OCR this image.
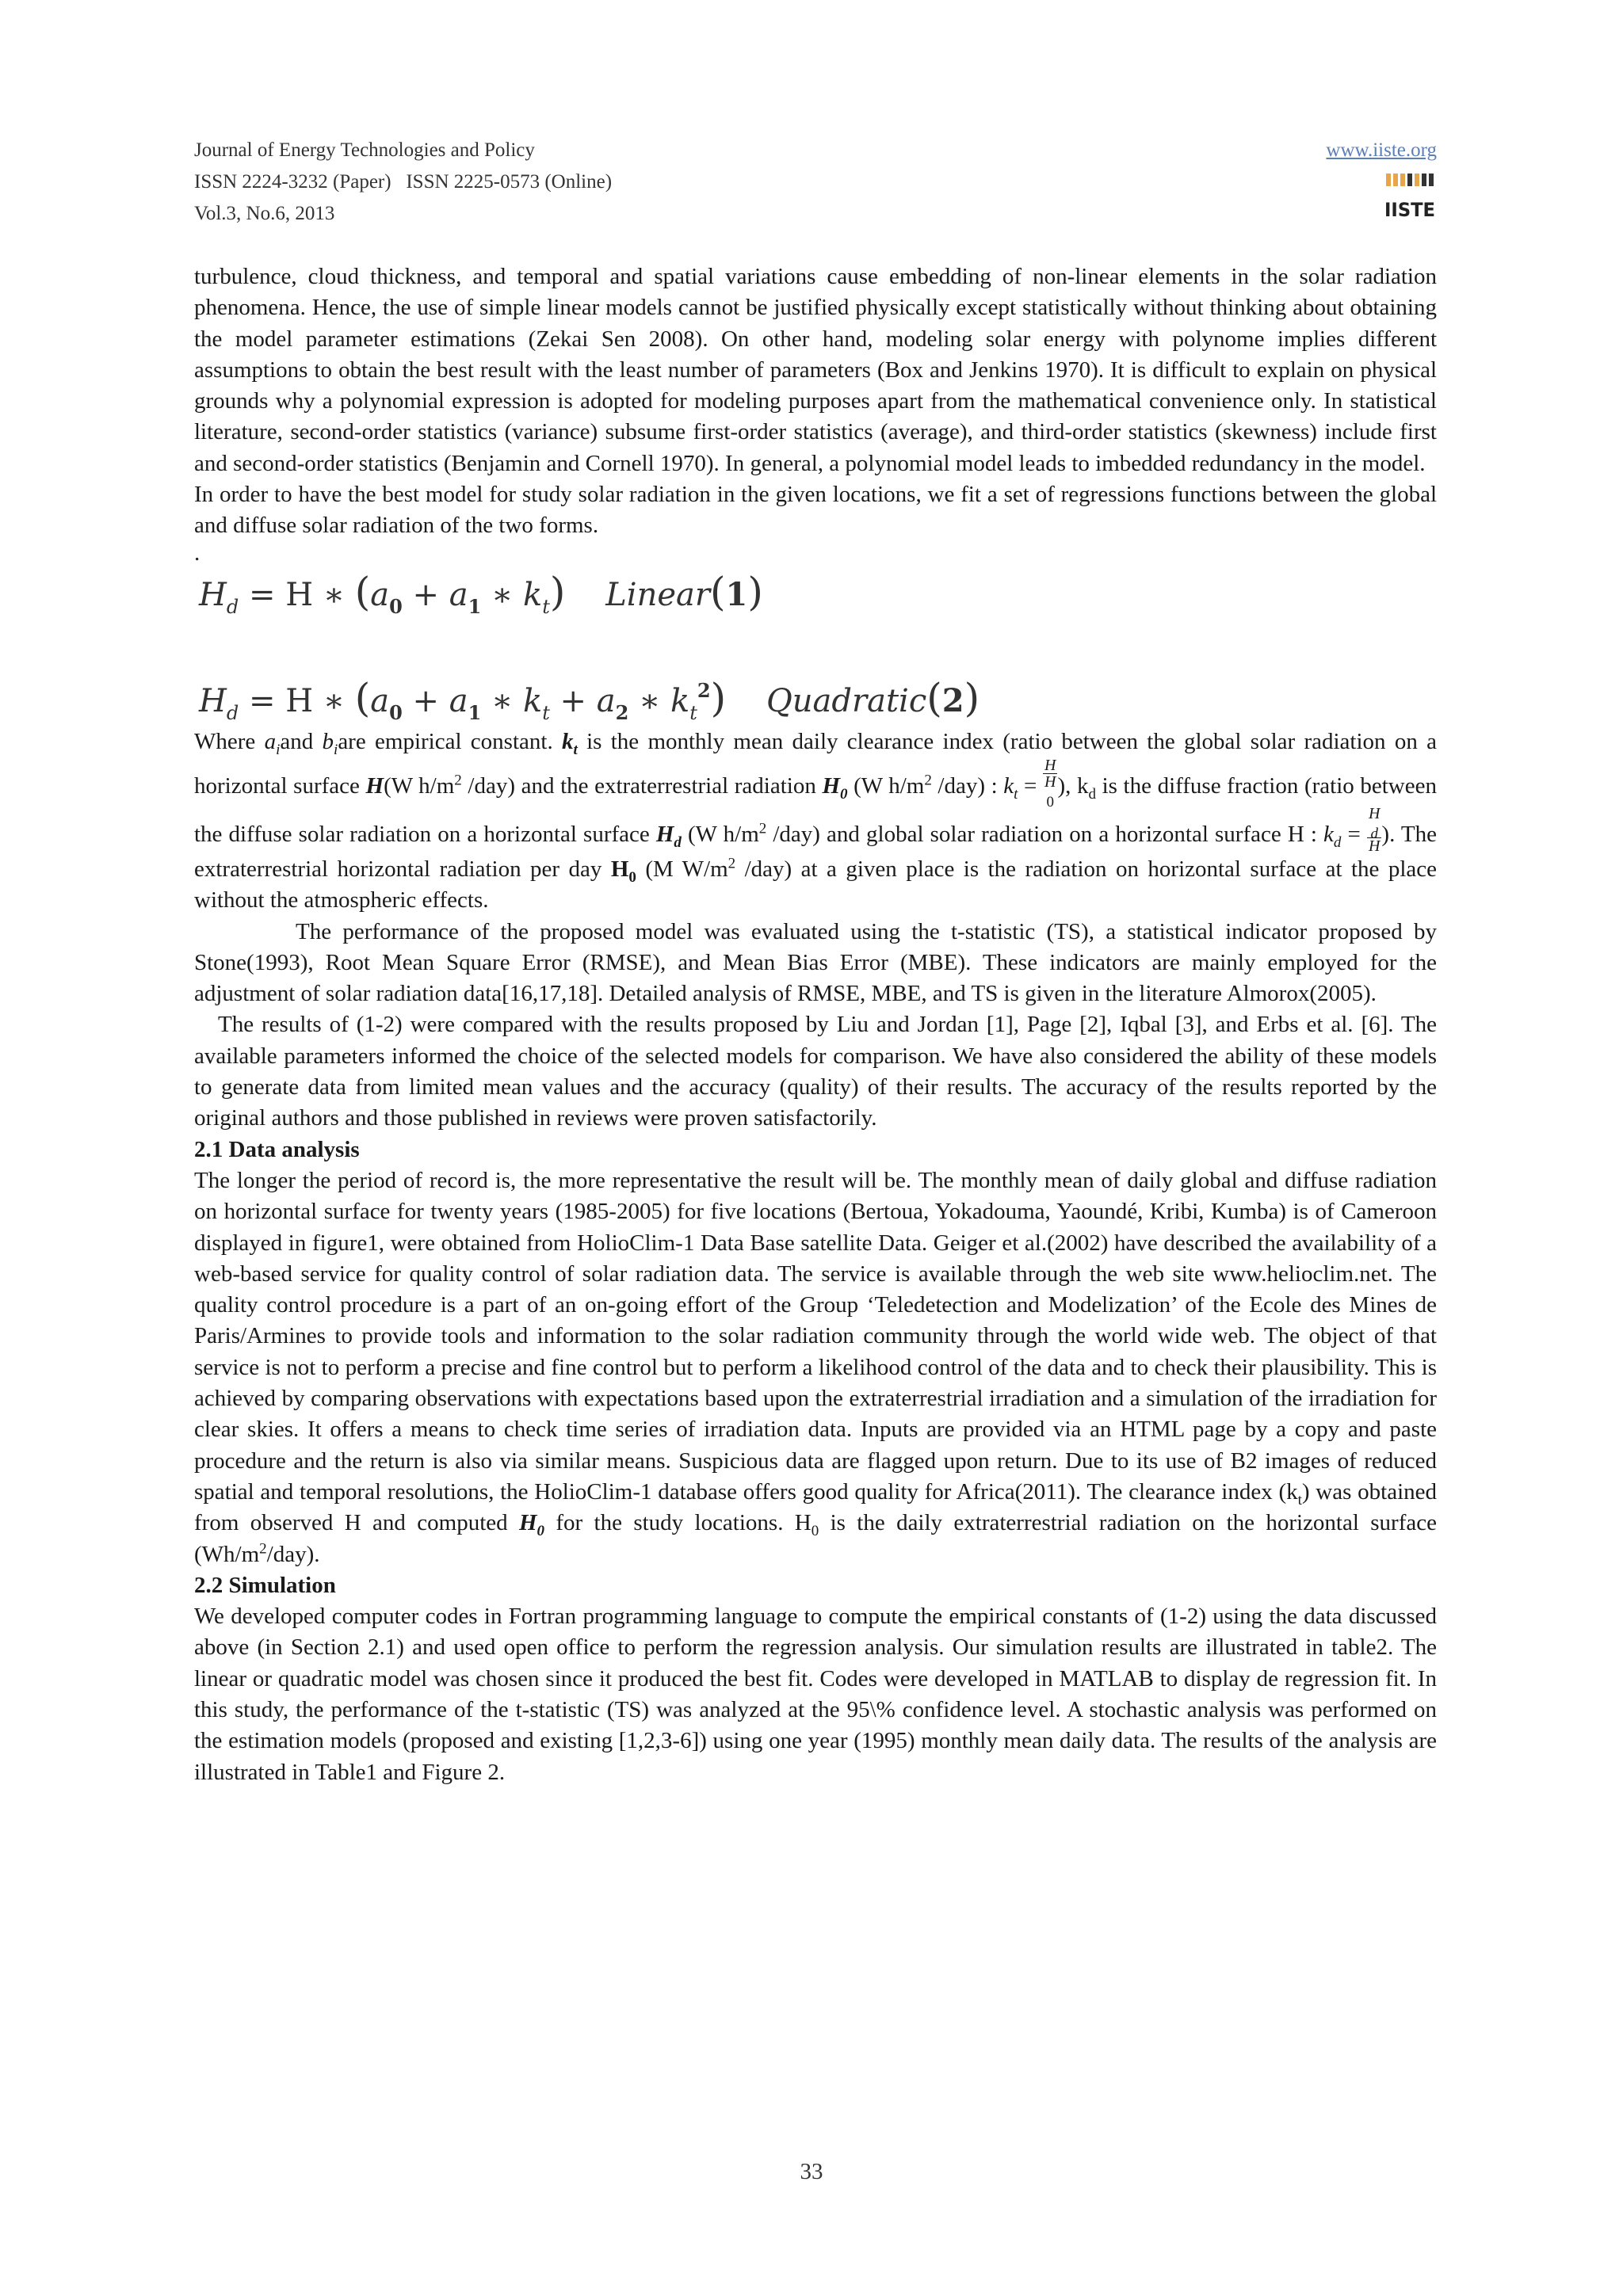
Journal of Energy Technologies and Policy
ISSN 2224-3232 (Paper)   ISSN 2225-0573 (Online)
Vol.3, No.6, 2013
www.iiste.org
IISTE

turbulence, cloud thickness, and temporal and spatial variations cause embedding of non-linear elements in the solar radiation phenomena. Hence, the use of simple linear models cannot be justified physically except statistically without thinking about obtaining the model parameter estimations (Zekai Sen 2008). On other hand, modeling solar energy with polynome implies different assumptions to obtain the best result with the least number of parameters (Box and Jenkins 1970). It is difficult to explain on physical grounds why a polynomial expression is adopted for modeling purposes apart from the mathematical convenience only. In statistical literature, second-order statistics (variance) subsume first-order statistics (average), and third-order statistics (skewness) include first and second-order statistics (Benjamin and Cornell 1970). In general, a polynomial model leads to imbedded redundancy in the model.

In order to have the best model for study solar radiation in the given locations, we fit a set of regressions functions between the global and diffuse solar radiation of the two forms.

.

$H_d = H$ ∗ ($a_0 + a_1$ ∗ $k_t$) Linear(1)
$H_d = H$ ∗ ($a_0 + a_1$ ∗ $k_t + a_2$ ∗ $k_t^2$) Quadratic(2)

Where $a_iand$ $b_iare$ empirical constant. $k_t$ is the monthly mean daily clearance index (ratio between the global solar radiation on a horizontal surface H(W $h/m^2$ /day) and the extraterrestrial radiation $H_0$ (W $h/m^2$ /day) : $k_t = H$
H
$_0$ ), $k_d$ is the diffuse fraction (ratio between the diffuse solar radiation on a horizontal surface $H_d$ (W $h/m^2$ /day) and global solar radiation on a horizontal surface H : $k_d = H$
$_d$
H ). The extraterrestrial horizontal radiation per day $H_0$ (M $W/m^2$ /day) at a given place is the radiation on horizontal surface at the place without the atmospheric effects.

The performance of the proposed model was evaluated using the t-statistic (TS), a statistical indicator proposed by Stone(1993), Root Mean Square Error (RMSE), and Mean Bias Error (MBE). These indicators are mainly employed for the adjustment of solar radiation data[16,17,18]. Detailed analysis of RMSE, MBE, and TS is given in the literature Almorox(2005).

The results of (1-2) were compared with the results proposed by Liu and Jordan [1], Page [2], Iqbal [3], and Erbs et al. [6]. The available parameters informed the choice of the selected models for comparison. We have also considered the ability of these models to generate data from limited mean values and the accuracy (quality) of their results. The accuracy of the results reported by the original authors and those published in reviews were proven satisfactorily.

2.1 Data analysis

The longer the period of record is, the more representative the result will be. The monthly mean of daily global and diffuse radiation on horizontal surface for twenty years (1985-2005) for five locations (Bertoua, Yokadouma, Yaoundé, Kribi, Kumba) is of Cameroon displayed in figure1, were obtained from HolioClim-1 Data Base satellite Data. Geiger et al.(2002) have described the availability of a web-based service for quality control of solar radiation data. The service is available through the web site www.helioclim.net. The quality control procedure is a part of an on-going effort of the Group ‘Teledetection and Modelization’ of the Ecole des Mines de Paris/Armines to provide tools and information to the solar radiation community through the world wide web. The object of that service is not to perform a precise and fine control but to perform a likelihood control of the data and to check their plausibility. This is achieved by comparing observations with expectations based upon the extraterrestrial irradiation and a simulation of the irradiation for clear skies. It offers a means to check time series of irradiation data. Inputs are provided via an HTML page by a copy and paste procedure and the return is also via similar means. Suspicious data are flagged upon return. Due to its use of B2 images of reduced spatial and temporal resolutions, the HolioClim-1 database offers good quality for Africa(2011). The clearance index $(k_t)$ was obtained from observed H and computed $H_0$ for the study locations. $H_0$ is the daily extraterrestrial radiation on the horizontal surface $(Wh/m^2/day)$.

2.2 Simulation

We developed computer codes in Fortran programming language to compute the empirical constants of (1-2) using the data discussed above (in Section 2.1) and used open office to perform the regression analysis. Our simulation results are illustrated in table2. The linear or quadratic model was chosen since it produced the best fit. Codes were developed in MATLAB to display de regression fit. In this study, the performance of the t-statistic (TS) was analyzed at the 95\% confidence level. A stochastic analysis was performed on the estimation models (proposed and existing [1,2,3-6]) using one year (1995) monthly mean daily data. The results of the analysis are illustrated in Table1 and Figure 2.

33
